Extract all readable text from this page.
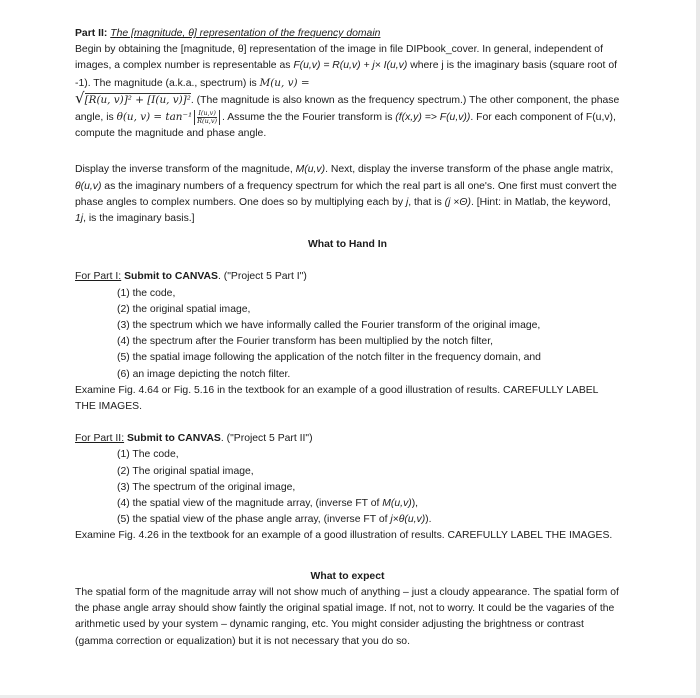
Part II: The [magnitude, θ] representation of the frequency domain

Begin by obtaining the [magnitude, θ] representation of the image in file DIPbook_cover. In general, independent of images, a complex number is representable as F(u,v) = R(u,v) + j× I(u,v) where j is the imaginary basis (square root of -1). The magnitude (a.k.a., spectrum) is M(u, v) =
√[R(u, v)]² + [I(u, v)]². (The magnitude is also known as the frequency spectrum.) The other component, the phase angle, is θ(u, $v) = \tan^{-1} \frac{I(u,v)}{R(u,v)}$ . Assume the the Fourier transform is (f(x,y) => F(u,v)). For each component of F(u,v), compute the magnitude and phase angle.

Display the inverse transform of the magnitude, M(u,v). Next, display the inverse transform of the phase angle matrix, θ(u,v) as the imaginary numbers of a frequency spectrum for which the real part is all one's. One first must convert the phase angles to complex numbers. One does so by multiplying each by j, that is (j ×Θ). [Hint: in Matlab, the keyword, 1j, is the imaginary basis.]

What to Hand In

For Part I: Submit to CANVAS. ("Project 5 Part I")

(1) the code,

(2) the original spatial image,

(3) the spectrum which we have informally called the Fourier transform of the original image,

(4) the spectrum after the Fourier transform has been multiplied by the notch filter,

(5) the spatial image following the application of the notch filter in the frequency domain, and

(6) an image depicting the notch filter.

Examine Fig. 4.64 or Fig. 5.16 in the textbook for an example of a good illustration of results. CAREFULLY LABEL THE IMAGES.

For Part II: Submit to CANVAS. ("Project 5 Part II")

(1) The code,

(2) The original spatial image,

(3) The spectrum of the original image,

(4) the spatial view of the magnitude array, (inverse FT of M(u,v)),

(5) the spatial view of the phase angle array, (inverse FT of j×θ(u,v)).

Examine Fig. 4.26 in the textbook for an example of a good illustration of results. CAREFULLY LABEL THE IMAGES.

What to expect

The spatial form of the magnitude array will not show much of anything – just a cloudy appearance. The spatial form of the phase angle array should show faintly the original spatial image. If not, not to worry. It could be the vagaries of the arithmetic used by your system – dynamic ranging, etc. You might consider adjusting the brightness or contrast (gamma correction or equalization) but it is not necessary that you do so.
